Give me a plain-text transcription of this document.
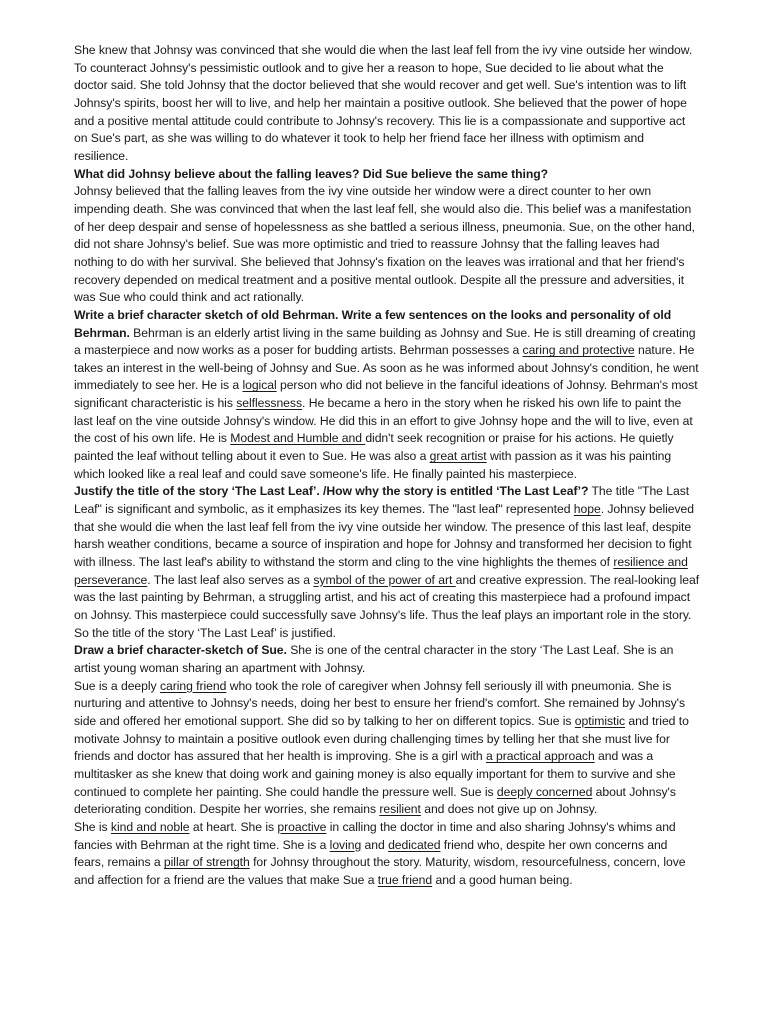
She knew that Johnsy was convinced that she would die when the last leaf fell from the ivy vine outside her window. To counteract Johnsy's pessimistic outlook and to give her a reason to hope, Sue decided to lie about what the doctor said. She told Johnsy that the doctor believed that she would recover and get well. Sue's intention was to lift Johnsy's spirits, boost her will to live, and help her maintain a positive outlook. She believed that the power of hope and a positive mental attitude could contribute to Johnsy's recovery. This lie is a compassionate and supportive act on Sue's part, as she was willing to do whatever it took to help her friend face her illness with optimism and resilience.

What did Johnsy believe about the falling leaves? Did Sue believe the same thing?

Johnsy believed that the falling leaves from the ivy vine outside her window were a direct counter to her own impending death. She was convinced that when the last leaf fell, she would also die. This belief was a manifestation of her deep despair and sense of hopelessness as she battled a serious illness, pneumonia. Sue, on the other hand, did not share Johnsy's belief. Sue was more optimistic and tried to reassure Johnsy that the falling leaves had nothing to do with her survival. She believed that Johnsy's fixation on the leaves was irrational and that her friend's recovery depended on medical treatment and a positive mental outlook. Despite all the pressure and adversities, it was Sue who could think and act rationally.

Write a brief character sketch of old Behrman. Write a few sentences on the looks and personality of old Behrman. Behrman is an elderly artist living in the same building as Johnsy and Sue. He is still dreaming of creating a masterpiece and now works as a poser for budding artists. Behrman possesses a caring and protective nature. He takes an interest in the well-being of Johnsy and Sue. As soon as he was informed about Johnsy's condition, he went immediately to see her. He is a logical person who did not believe in the fanciful ideations of Johnsy. Behrman's most significant characteristic is his selflessness. He became a hero in the story when he risked his own life to paint the last leaf on the vine outside Johnsy's window. He did this in an effort to give Johnsy hope and the will to live, even at the cost of his own life. He is Modest and Humble and didn't seek recognition or praise for his actions. He quietly painted the leaf without telling about it even to Sue. He was also a great artist with passion as it was his painting which looked like a real leaf and could save someone's life. He finally painted his masterpiece.

Justify the title of the story ‘The Last Leaf’. /How why the story is entitled ‘The Last Leaf’? The title "The Last Leaf" is significant and symbolic, as it emphasizes its key themes. The "last leaf" represented hope. Johnsy believed that she would die when the last leaf fell from the ivy vine outside her window. The presence of this last leaf, despite harsh weather conditions, became a source of inspiration and hope for Johnsy and transformed her decision to fight with illness. The last leaf's ability to withstand the storm and cling to the vine highlights the themes of resilience and perseverance. The last leaf also serves as a symbol of the power of art and creative expression. The real-looking leaf was the last painting by Behrman, a struggling artist, and his act of creating this masterpiece had a profound impact on Johnsy. This masterpiece could successfully save Johnsy's life. Thus the leaf plays an important role in the story. So the title of the story ‘The Last Leaf’ is justified.

Draw a brief character-sketch of Sue. She is one of the central character in the story ‘The Last Leaf. She is an artist young woman sharing an apartment with Johnsy.

Sue is a deeply caring friend who took the role of caregiver when Johnsy fell seriously ill with pneumonia. She is nurturing and attentive to Johnsy's needs, doing her best to ensure her friend's comfort. She remained by Johnsy's side and offered her emotional support. She did so by talking to her on different topics. Sue is optimistic and tried to motivate Johnsy to maintain a positive outlook even during challenging times by telling her that she must live for friends and doctor has assured that her health is improving. She is a girl with a practical approach and was a multitasker as she knew that doing work and gaining money is also equally important for them to survive and she continued to complete her painting. She could handle the pressure well. Sue is deeply concerned about Johnsy's deteriorating condition. Despite her worries, she remains resilient and does not give up on Johnsy.

She is kind and noble at heart. She is proactive in calling the doctor in time and also sharing Johnsy's whims and fancies with Behrman at the right time. She is a loving and dedicated friend who, despite her own concerns and fears, remains a pillar of strength for Johnsy throughout the story. Maturity, wisdom, resourcefulness, concern, love and affection for a friend are the values that make Sue a true friend and a good human being.
